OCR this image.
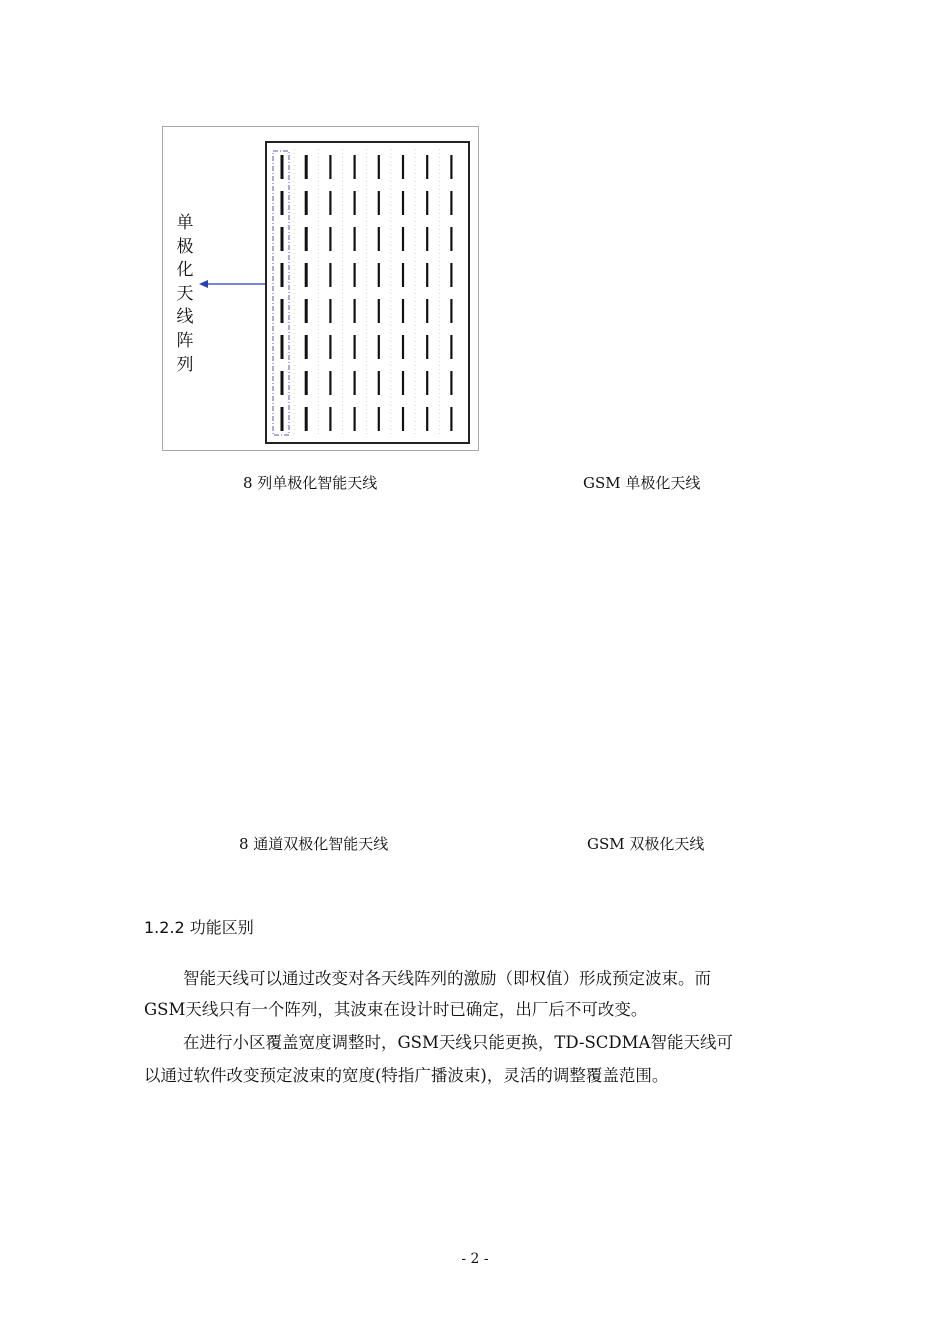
单
极
化
天
线
阵
列
8 列单极化智能天线	GSM 单极化天线
8 通道双极化智能天线	GSM 双极化天线
1.2.2 功能区别
智能天线可以通过改变对各天线阵列的激励（即权值）形成预定波束。而
GSM天线只有一个阵列，其波束在设计时已确定，出厂后不可改变。
在进行小区覆盖宽度调整时，GSM天线只能更换，TD-SCDMA智能天线可
以通过软件改变预定波束的宽度(特指广播波束)，灵活的调整覆盖范围。
- 2 -
